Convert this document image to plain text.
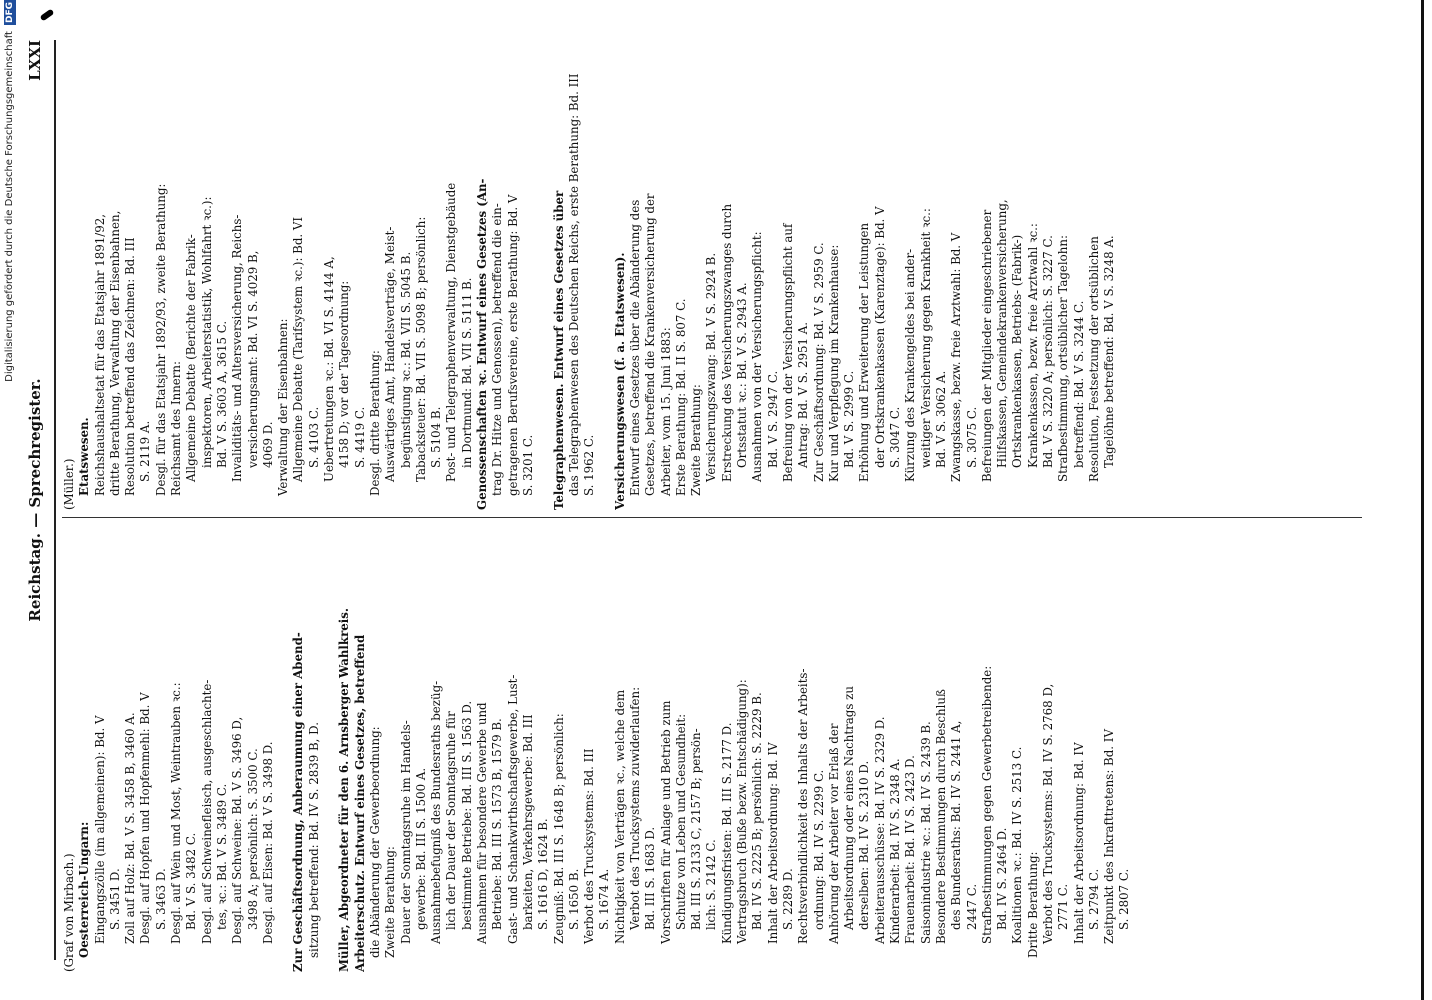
Reichstag. — Sprechregister.
LXXI
(Graf von Mirbach.) Oesterreich-Ungarn: Eingangszölle (im allgemeinen): Bd. V S. 3451 D. Zoll auf Holz: Bd. V S. 3458 B, 3460 A. Desgl. auf Hopfen und Hopfenmehl: Bd. V S. 3463 D. Desgl. auf Wein und Most, Weintrauben ꝛc.: Bd. V S. 3482 C. Desgl. auf Schweinefleisch, ausgeschlachte- tes, ꝛc.: Bd. V S. 3489 C. Desgl. auf Schweine: Bd. V S. 3496 D, 3498 A; persönlich: S. 3500 C. Desgl. auf Eisen: Bd. V S. 3498 D. Zur Geschäftsordnung, Anberaumung einer Abend- sitzung betreffend: Bd. IV S. 2839 B, D. Müller, Abgeordneter für den 6. Arnsberger Wahlkreis. Arbeiterschutz. Entwurf eines Gesetzes, betreffend die Abänderung der Gewerbeordnung: Zweite Berathung: Dauer der Sonntagsruhe im Handels- gewerbe: Bd. III S. 1500 A. Ausnahmebefugniß des Bundesraths bezüg- lich der Dauer der Sonntagsruhe für bestimmte Betriebe: Bd. III S. 1563 D. Ausnahmen für besondere Gewerbe und Betriebe: Bd. III S. 1573 B, 1579 B. Gast- und Schankwirthschaftsgewerbe, Lust- barkeiten, Verkehrsgewerbe: Bd. III S. 1616 D, 1624 B. Zeugniß: Bd. III S. 1648 B; persönlich: S. 1650 B. Verbot des Trucksystems: Bd. III S. 1674 A. Nichtigkeit von Verträgen ꝛc., welche dem Verbot des Trucksystems zuwiderlaufen: Bd. III S. 1683 D. Vorschriften für Anlage und Betrieb zum Schutze von Leben und Gesundheit: Bd. III S. 2133 C, 2157 B; persön- lich: S. 2142 C. Kündigungsfristen: Bd. III S. 2177 D. Vertragsbruch (Buße bezw. Entschädigung): Bd. IV S. 2225 B; persönlich: S. 2229 B. Inhalt der Arbeitsordnung: Bd. IV S. 2289 D. Rechtsverbindlichkeit des Inhalts der Arbeits- ordnung: Bd. IV S. 2299 C. Anhörung der Arbeiter vor Erlaß der Arbeitsordnung oder eines Nachtrags zu derselben: Bd. IV S. 2310 D. Arbeiterausschüsse: Bd. IV S. 2329 D. Kinderarbeit: Bd. IV S. 2348 A. Frauenarbeit: Bd. IV S. 2423 D. Saisonindustrie ꝛc.: Bd. IV S. 2439 B. Besondere Bestimmungen durch Beschluß des Bundesraths: Bd. IV S. 2441 A, 2447 C. Strafbestimmungen gegen Gewerbetreibende: Bd. IV S. 2464 D. Koalitionen ꝛc.: Bd. IV S. 2513 C. Dritte Berathung: Verbot des Trucksystems: Bd. IV S. 2768 D, 2771 C. Inhalt der Arbeitsordnung: Bd. IV S. 2794 C. Zeitpunkt des Inkrafttretens: Bd. IV S. 2807 C.
(Müller.) Etatswesen. Reichshaushaltsetat für das Etatsjahr 1891/92, dritte Berathung, Verwaltung der Eisenbahnen, Resolution betreffend das Zeichnen: Bd. III S. 2119 A. Desgl. für das Etatsjahr 1892/93, zweite Berathung: Reichsamt des Innern: Allgemeine Debatte (Berichte der Fabrik- inspektoren, Arbeiterstatistik, Wohlfahrt ꝛc.): Bd. V S. 3603 A, 3615 C. Invaliditäts- und Altersversicherung, Reichs- versicherungsamt: Bd. VI S. 4029 B, 4069 D. Verwaltung der Eisenbahnen: Allgemeine Debatte (Tarifsystem ꝛc.): Bd. VI S. 4103 C. Uebertretungen ꝛc.: Bd. VI S. 4144 A, 4158 D; vor der Tagesordnung: S. 4419 C. Desgl. dritte Berathung: Auswärtiges Amt, Handelsverträge, Meist- begünstigung ꝛc.: Bd. VII S. 5045 B. Tabacksteuer: Bd. VII S. 5098 B; persönlich: S. 5104 B. Post- und Telegraphenverwaltung, Dienstgebäude in Dortmund: Bd. VII S. 5111 B. Genossenschaften ꝛc. Entwurf eines Gesetzes (An- trag Dr. Hitze und Genossen), betreffend die ein- getragenen Berufsvereine, erste Berathung: Bd. V S. 3201 C. Telegraphenwesen. Entwurf eines Gesetzes über das Telegraphenwesen des Deutschen Reichs, erste Berathung: Bd. III S. 1962 C. Versicherungswesen (f. a. Etatswesen). Entwurf eines Gesetzes über die Abänderung des Gesetzes, betreffend die Krankenversicherung der Arbeiter, vom 15. Juni 1883: Erste Berathung: Bd. II S. 807 C. Zweite Berathung: Versicherungszwang: Bd. V S. 2924 B. Erstreckung des Versicherungszwanges durch Ortsstatut ꝛc.: Bd. V S. 2943 A. Ausnahmen von der Versicherungspflicht: Bd. V S. 2947 C. Befreiung von der Versicherungspflicht auf Antrag: Bd. V S. 2951 A. Zur Geschäftsordnung: Bd. V S. 2959 C. Kur und Verpflegung im Krankenhause: Bd. V S. 2999 C. Erhöhung und Erweiterung der Leistungen der Ortskrankenkassen (Karenztage): Bd. V S. 3047 C. Kürzung des Krankengeldes bei ander- weitiger Versicherung gegen Krankheit ꝛc.: Bd. V S. 3062 A. Zwangskasse, bezw. freie Arztwahl: Bd. V S. 3075 C. Befreiungen der Mitglieder eingeschriebener Hilfskassen, Gemeindekrankenversicherung, Ortskrankenkassen, Betriebs- (Fabrik-) Krankenkassen, bezw. freie Arztwahl ꝛc.: Bd. V S. 3220 A; persönlich: S. 3227 C. Strafbestimmung, ortsüblicher Tagelohn: betreffend: Bd. V S. 3244 C. Resolution, Festsetzung der ortsüblichen Tagelöhne betreffend: Bd. V S. 3248 A.
Digitalisierung gefördert durch die Deutsche ForschungsgemeinschaftDFG
